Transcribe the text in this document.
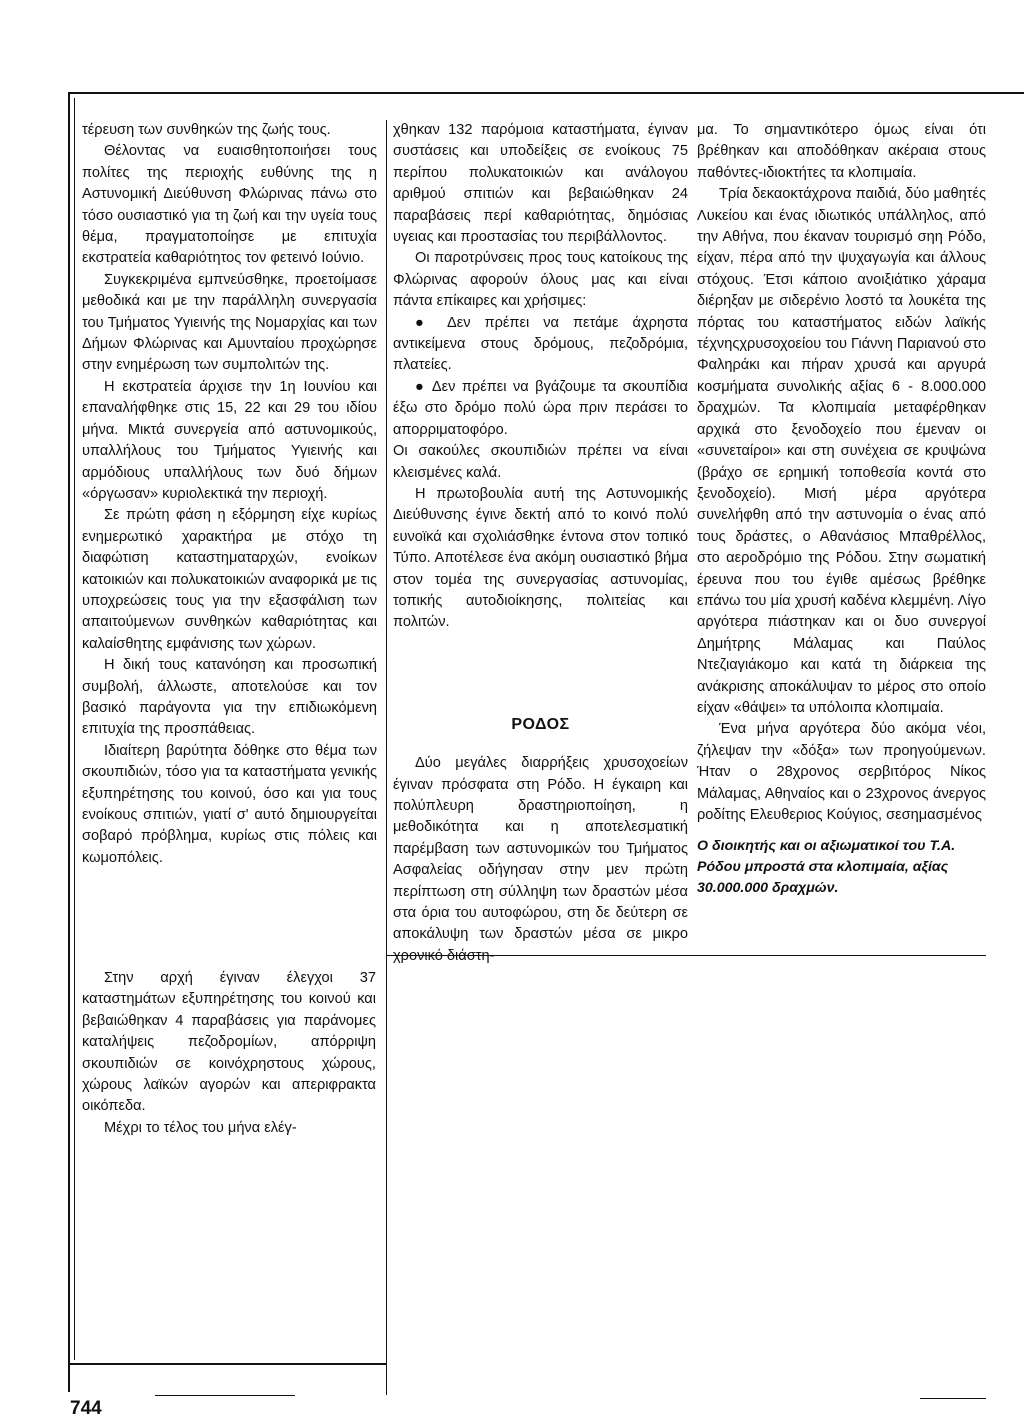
τέρευση των συνθηκών της ζωής τους.

Θέλοντας να ευαισθητοποιήσει τους πολίτες της περιοχής ευθύνης της η Αστυνομική Διεύθυνση Φλώρινας πάνω στο τόσο ουσιαστικό για τη ζωή και την υγεία τους θέμα, πραγματοποίησε με επιτυχία εκστρατεία καθαριότητος τον φετεινό Ιούνιο.

Συγκεκριμένα εμπνεύσθηκε, προετοίμασε μεθοδικά και με την παράλληλη συνεργασία του Τμήματος Υγιεινής της Νομαρχίας και των Δήμων Φλώρινας και Αμυνταίου προχώρησε στην ενημέρωση των συμπολιτών της.

Η εκστρατεία άρχισε την 1η Ιουνίου και επαναλήφθηκε στις 15, 22 και 29 του ιδίου μήνα. Μικτά συνεργεία από αστυνομικούς, υπαλλήλους του Τμήματος Υγιεινής και αρμόδιους υπαλλήλους των δυό δήμων «όργωσαν» κυριολεκτικά την περιοχή.

Σε πρώτη φάση η εξόρμηση είχε κυρίως ενημερωτικό χαρακτήρα με στόχο τη διαφώτιση καταστηματαρχών, ενοίκων κατοικιών και πολυκατοικιών αναφορικά με τις υποχρεώσεις τους για την εξασφάλιση των απαιτούμενων συνθηκών καθαριότητας και καλαίσθητης εμφάνισης των χώρων.

Η δική τους κατανόηση και προσωπική συμβολή, άλλωστε, αποτελούσε και τον βασικό παράγοντα για την επιδιωκόμενη επιτυχία της προσπάθειας.

Ιδιαίτερη βαρύτητα δόθηκε στο θέμα των σκουπιδιών, τόσο για τα καταστήματα γενικής εξυπηρέτησης του κοινού, όσο και για τους ενοίκους σπιτιών, γιατί σ' αυτό δημιουργείται σοβαρό πρόβλημα, κυρίως στις πόλεις και κωμοπόλεις.

Στην αρχή έγιναν έλεγχοι 37 καταστημάτων εξυπηρέτησης του κοινού και βεβαιώθηκαν 4 παραβάσεις για παράνομες καταλήψεις πεζοδρομίων, απόρριψη σκουπιδιών σε κοινόχρηστους χώρους, χώρους λαϊκών αγορών και απεριφρακτα οικόπεδα.

Μέχρι το τέλος του μήνα ελέγ-

χθηκαν 132 παρόμοια καταστήματα, έγιναν συστάσεις και υποδείξεις σε ενοίκους 75 περίπου πολυκατοικιών και ανάλογου αριθμού σπιτιών και βεβαιώθηκαν 24 παραβάσεις περί καθαριότητας, δημόσιας υγειας και προστασίας του περιβάλλοντος.

Οι παροτρύνσεις προς τους κατοίκους της Φλώρινας αφορούν όλους μας και είναι πάντα επίκαιρες και χρήσιμες:

● Δεν πρέπει να πετάμε άχρηστα αντικείμενα στους δρόμους, πεζοδρόμια, πλατείες.

● Δεν πρέπει να βγάζουμε τα σκουπίδια έξω στο δρόμο πολύ ώρα πριν περάσει το απορριματοφόρο.

Οι σακούλες σκουπιδιών πρέπει να είναι κλεισμένες καλά.

Η πρωτοβουλία αυτή της Αστυνομικής Διεύθυνσης έγινε δεκτή από το κοινό πολύ ευνοϊκά και σχολιάσθηκε έντονα στον τοπικό Τύπο. Αποτέλεσε ένα ακόμη ουσιαστικό βήμα στον τομέα της συνεργασίας αστυνομίας, τοπικής αυτοδιοίκησης, πολιτείας και πολιτών.

ΡΟΔΟΣ

Δύο μεγάλες διαρρήξεις χρυσοχοείων έγιναν πρόσφατα στη Ρόδο. Η έγκαιρη και πολύπλευρη δραστηριοποίηση, η μεθοδικότητα και η αποτελεσματική παρέμβαση των αστυνομικών του Τμήματος Ασφαλείας οδήγησαν στην μεν πρώτη περίπτωση στη σύλληψη των δραστών μέσα στα όρια του αυτοφώρου, στη δε δεύτερη σε αποκάλυψη των δραστών μέσα σε μικρο χρονικό διάστη-

μα. Το σημαντικότερο όμως είναι ότι βρέθηκαν και αποδόθηκαν ακέραια στους παθόντες-ιδιοκτήτες τα κλοπιμαία.

Τρία δεκαοκτάχρονα παιδιά, δύο μαθητές Λυκείου και ένας ιδιωτικός υπάλληλος, από την Αθήνα, που έκαναν τουρισμό σηη Ρόδο, είχαν, πέρα από την ψυχαγωγία και άλλους στόχους. Έτσι κάποιο ανοιξιάτικο χάραμα διέρηξαν με σιδερένιο λοστό τα λουκέτα της πόρτας του καταστήματος ειδών λαϊκής τέχνηςχρυσοχοείου του Γιάννη Παριανού στο Φαληράκι και πήραν χρυσά και αργυρά κοσμήματα συνολικής αξίας 6 - 8.000.000 δραχμών. Τα κλοπιμαία μεταφέρθηκαν αρχικά στο ξενοδοχείο που έμεναν οι «συνεταίροι» και στη συνέχεια σε κρυψώνα (βράχο σε ερημική τοποθεσία κοντά στο ξενοδοχείο). Μισή μέρα αργότερα συνελήφθη από την αστυνομία ο ένας από τους δράστες, ο Αθανάσιος Μπαθρέλλος, στο αεροδρόμιο της Ρόδου. Στην σωματική έρευνα που του έγιθε αμέσως βρέθηκε επάνω του μία χρυσή καδένα κλεμμένη. Λίγο αργότερα πιάστηκαν και οι δυο συνεργοί Δημήτρης Μάλαμας και Παύλος Ντεζιαγιάκομο και κατά τη διάρκεια της ανάκρισης αποκάλυψαν το μέρος στο οποίο είχαν «θάψει» τα υπόλοιπα κλοπιμαία.

Ένα μήνα αργότερα δύο ακόμα νέοι, ζήλεψαν την «δόξα» των προηγούμενων. Ήταν ο 28χρονος σερβιτόρος Νίκος Μάλαμας, Αθηναίος και ο 23χρονος άνεργος ροδίτης Ελευθεριος Κούγιος, σεσημασμένος

Ο διοικητής και οι αξιωματικοί του Τ.Α. Ρόδου μπροστά στα κλοπιμαία, αξίας 30.000.000 δραχμών.

744
